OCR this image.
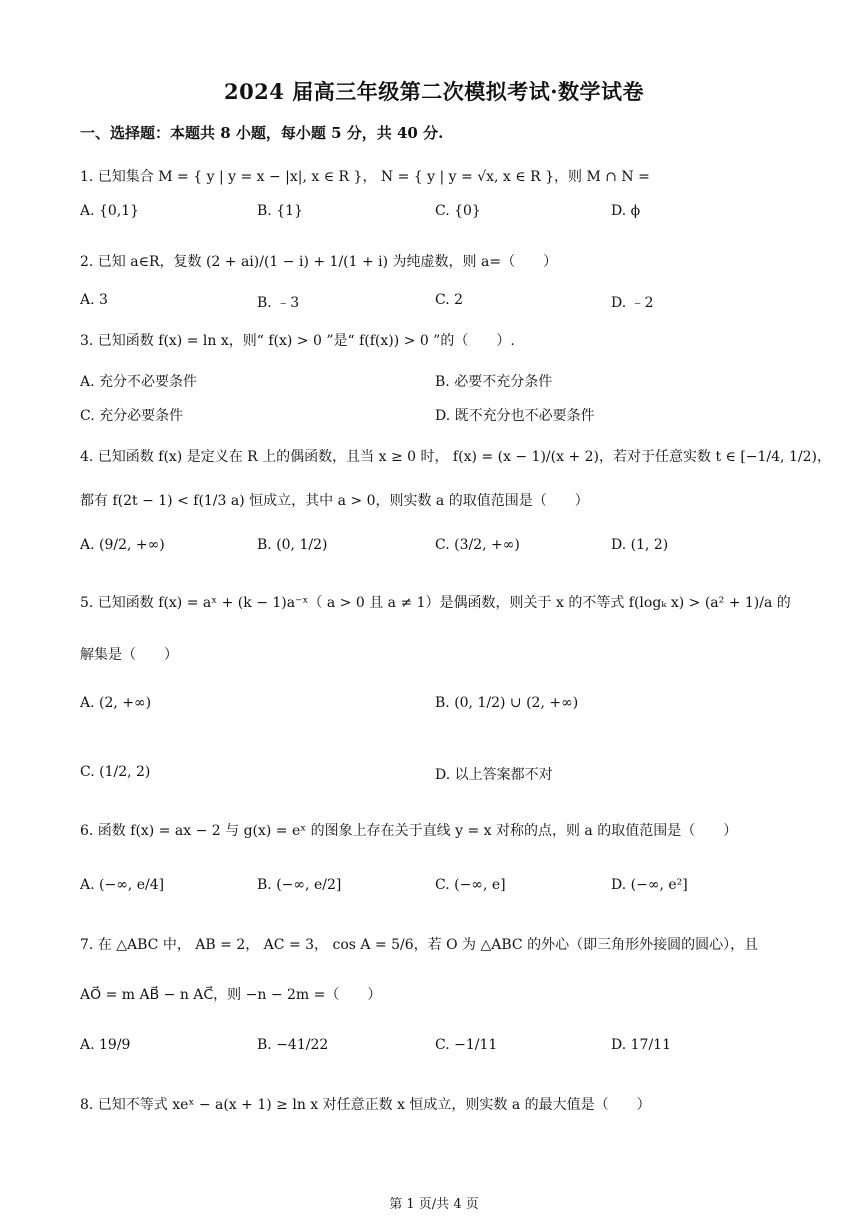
2024 届高三年级第二次模拟考试·数学试卷
一、选择题：本题共 8 小题，每小题 5 分，共 40 分.
1. 已知集合 M = { y | y = x − |x|, x ∈ R }， N = { y | y = √x, x ∈ R }，则 M ∩ N =
A. {0,1}	B. {1}	C. {0}	D. ϕ
2. 已知 a∈R，复数 (2 + ai)/(1 − i) + 1/(1 + i) 为纯虚数，则 a=（　　）
A. 3	B. ﹣3	C. 2	D. ﹣2
3. 已知函数 f(x) = ln x，则“ f(x) > 0 ”是“ f(f(x)) > 0 ”的（　　）.
A. 充分不必要条件	B. 必要不充分条件
C. 充分必要条件	D. 既不充分也不必要条件
4. 已知函数 f(x) 是定义在 R 上的偶函数，且当 x ≥ 0 时， f(x) = (x − 1)/(x + 2)，若对于任意实数 t ∈ [−1/4, 1/2)，
都有 f(2t − 1) < f(1/3 a) 恒成立，其中 a > 0，则实数 a 的取值范围是（　　）
A. (9/2, +∞)	B. (0, 1/2)	C. (3/2, +∞)	D. (1, 2)
5. 已知函数 f(x) = aˣ + (k − 1)a⁻ˣ（ a > 0 且 a ≠ 1）是偶函数，则关于 x 的不等式 f(logₖ x) > (a² + 1)/a 的
解集是（　　）
A. (2, +∞)	B. (0, 1/2) ∪ (2, +∞)
C. (1/2, 2)	D. 以上答案都不对
6. 函数 f(x) = ax − 2 与 g(x) = eˣ 的图象上存在关于直线 y = x 对称的点，则 a 的取值范围是（　　）
A. (−∞, e/4]	B. (−∞, e/2]	C. (−∞, e]	D. (−∞, e²]
7. 在 △ABC 中， AB = 2， AC = 3， cos A = 5/6，若 O 为 △ABC 的外心（即三角形外接圆的圆心），且
AO⃗ = m AB⃗ − n AC⃗，则 −n − 2m =（　　）
A. 19/9	B. −41/22	C. −1/11	D. 17/11
8. 已知不等式 xeˣ − a(x + 1) ≥ ln x 对任意正数 x 恒成立，则实数 a 的最大值是（　　）
第 1 页/共 4 页
